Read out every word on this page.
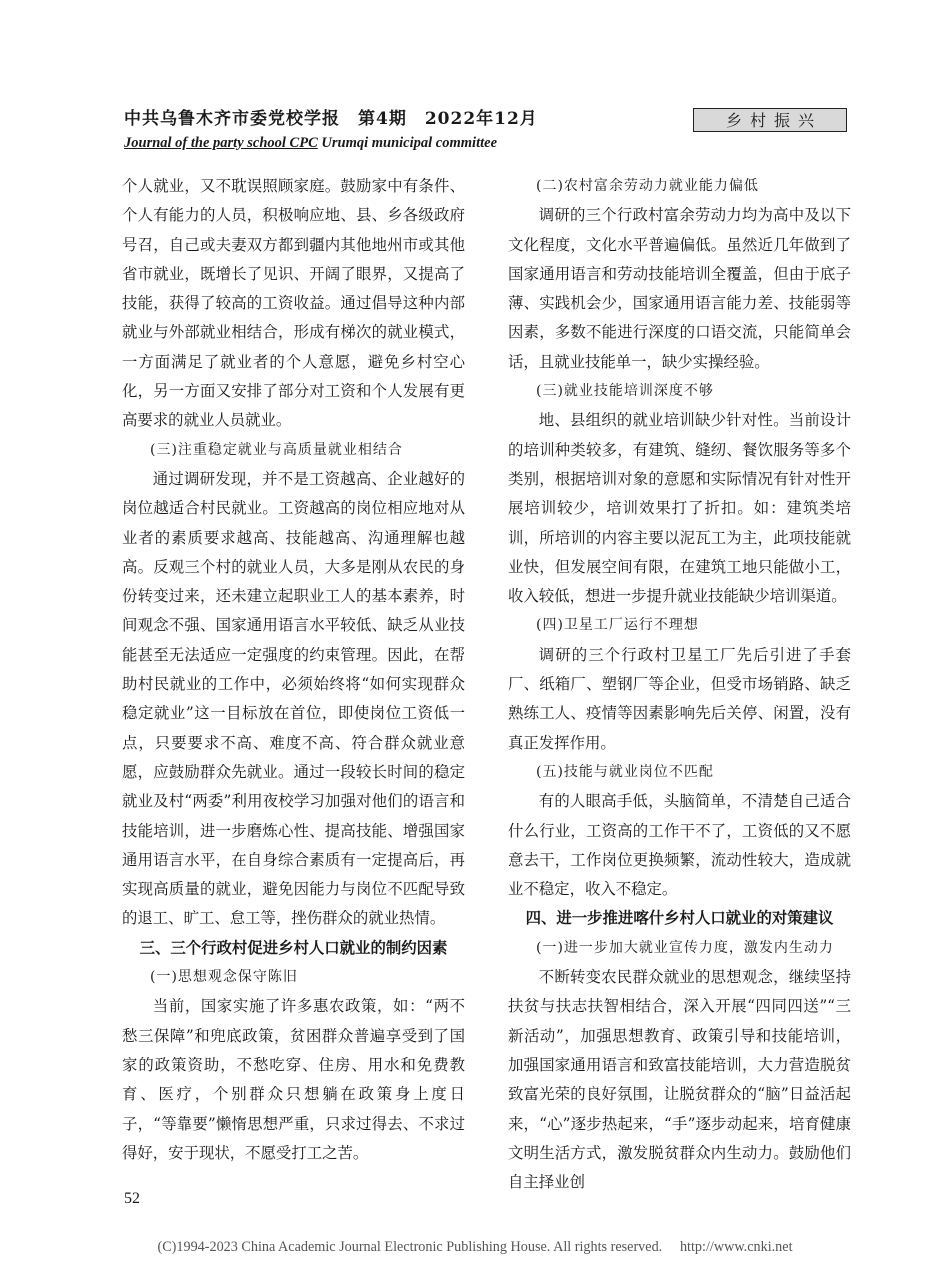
中共乌鲁木齐市委党校学报　第4期　2022年12月
Journal of the party school CPC Urumqi municipal committee
乡村振兴

个人就业，又不耽误照顾家庭。鼓励家中有条件、个人有能力的人员，积极响应地、县、乡各级政府号召，自己或夫妻双方都到疆内其他地州市或其他省市就业，既增长了见识、开阔了眼界，又提高了技能，获得了较高的工资收益。通过倡导这种内部就业与外部就业相结合，形成有梯次的就业模式，一方面满足了就业者的个人意愿，避免乡村空心化，另一方面又安排了部分对工资和个人发展有更高要求的就业人员就业。

(三)注重稳定就业与高质量就业相结合

通过调研发现，并不是工资越高、企业越好的岗位越适合村民就业。工资越高的岗位相应地对从业者的素质要求越高、技能越高、沟通理解也越高。反观三个村的就业人员，大多是刚从农民的身份转变过来，还未建立起职业工人的基本素养，时间观念不强、国家通用语言水平较低、缺乏从业技能甚至无法适应一定强度的约束管理。因此，在帮助村民就业的工作中，必须始终将“如何实现群众稳定就业”这一目标放在首位，即使岗位工资低一点，只要要求不高、难度不高、符合群众就业意愿，应鼓励群众先就业。通过一段较长时间的稳定就业及村“两委”利用夜校学习加强对他们的语言和技能培训，进一步磨炼心性、提高技能、增强国家通用语言水平，在自身综合素质有一定提高后，再实现高质量的就业，避免因能力与岗位不匹配导致的退工、旷工、怠工等，挫伤群众的就业热情。

三、三个行政村促进乡村人口就业的制约因素
(一)思想观念保守陈旧

当前，国家实施了许多惠农政策，如：“两不愁三保障”和兜底政策，贫困群众普遍享受到了国家的政策资助，不愁吃穿、住房、用水和免费教育、医疗，个别群众只想躺在政策身上度日子，“等靠要”懒惰思想严重，只求过得去、不求过得好，安于现状，不愿受打工之苦。

(二)农村富余劳动力就业能力偏低

调研的三个行政村富余劳动力均为高中及以下文化程度，文化水平普遍偏低。虽然近几年做到了国家通用语言和劳动技能培训全覆盖，但由于底子薄、实践机会少，国家通用语言能力差、技能弱等因素，多数不能进行深度的口语交流，只能简单会话，且就业技能单一，缺少实操经验。

(三)就业技能培训深度不够

地、县组织的就业培训缺少针对性。当前设计的培训种类较多，有建筑、缝纫、餐饮服务等多个类别，根据培训对象的意愿和实际情况有针对性开展培训较少，培训效果打了折扣。如：建筑类培训，所培训的内容主要以泥瓦工为主，此项技能就业快，但发展空间有限，在建筑工地只能做小工，收入较低，想进一步提升就业技能缺少培训渠道。

(四)卫星工厂运行不理想

调研的三个行政村卫星工厂先后引进了手套厂、纸箱厂、塑钢厂等企业，但受市场销路、缺乏熟练工人、疫情等因素影响先后关停、闲置，没有真正发挥作用。

(五)技能与就业岗位不匹配

有的人眼高手低，头脑简单，不清楚自己适合什么行业，工资高的工作干不了，工资低的又不愿意去干，工作岗位更换频繁，流动性较大，造成就业不稳定，收入不稳定。

四、进一步推进喀什乡村人口就业的对策建议
(一)进一步加大就业宣传力度，激发内生动力

不断转变农民群众就业的思想观念，继续坚持扶贫与扶志扶智相结合，深入开展“四同四送”“三新活动”，加强思想教育、政策引导和技能培训，加强国家通用语言和致富技能培训，大力营造脱贫致富光荣的良好氛围，让脱贫群众的“脑”日益活起来，“心”逐步热起来，“手”逐步动起来，培育健康文明生活方式，激发脱贫群众内生动力。鼓励他们自主择业创

52
(C)1994-2023 China Academic Journal Electronic Publishing House. All rights reserved.　 http://www.cnki.net
